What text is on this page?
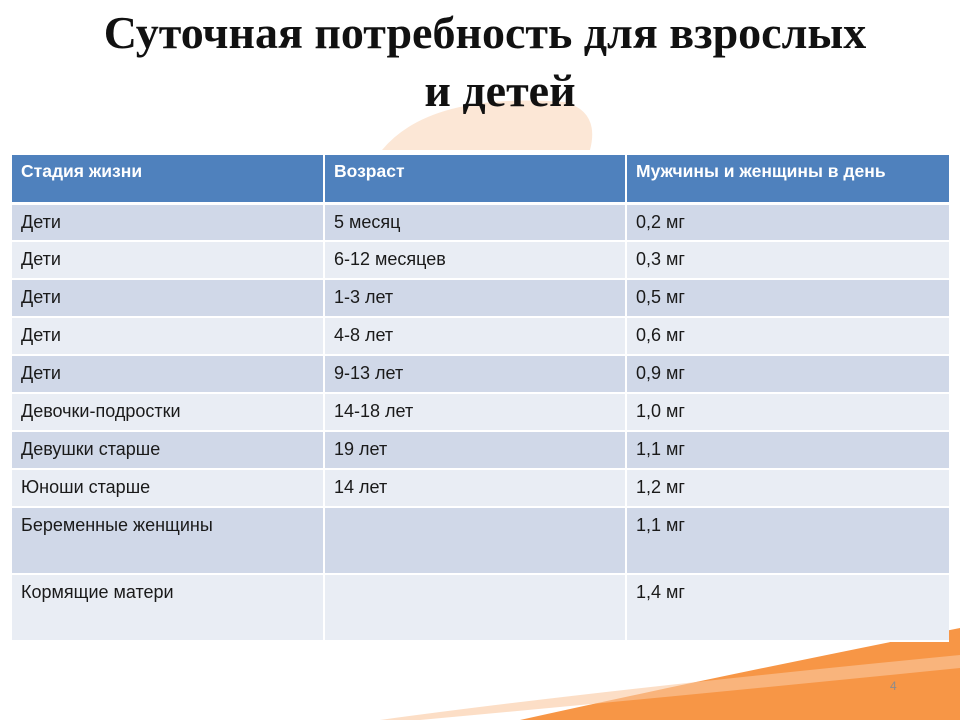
Суточная потребность для взрослых
и детей
Стадия жизни	Возраст	Мужчины и женщины в день
Дети	5 месяц	0,2 мг
Дети	6-12 месяцев	0,3 мг
Дети	1-3 лет	0,5 мг
Дети	4-8 лет	0,6 мг
Дети	9-13 лет	0,9 мг
Девочки-подростки	14-18 лет	1,0 мг
Девушки старше	19 лет	1,1 мг
Юноши старше	14 лет	1,2 мг
Беременные женщины		1,1 мг
Кормящие матери		1,4 мг
4
